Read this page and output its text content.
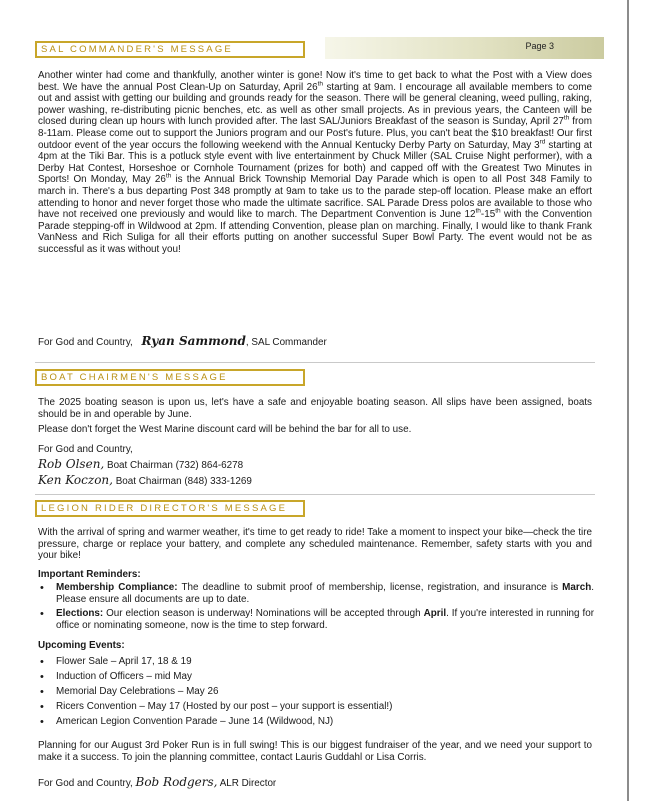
Page 3
SAL COMMANDER'S MESSAGE

Another winter had come and thankfully, another winter is gone! Now it's time to get back to what the Post with a View does best. We have the annual Post Clean-Up on Saturday, April 26th starting at 9am. I encourage all available members to come out and assist with getting our building and grounds ready for the season. There will be general cleaning, weed pulling, raking, power washing, re-distributing picnic benches, etc. as well as other small projects. As in previous years, the Canteen will be closed during clean up hours with lunch provided after. The last SAL/Juniors Breakfast of the season is Sunday, April 27th from 8-11am. Please come out to support the Juniors program and our Post's future. Plus, you can't beat the $10 breakfast! Our first outdoor event of the year occurs the following weekend with the Annual Kentucky Derby Party on Saturday, May 3rd starting at 4pm at the Tiki Bar. This is a potluck style event with live entertainment by Chuck Miller (SAL Cruise Night performer), with a Derby Hat Contest, Horseshoe or Cornhole Tournament (prizes for both) and capped off with the Greatest Two Minutes in Sports! On Monday, May 26th is the Annual Brick Township Memorial Day Parade which is open to all Post 348 Family to march in. There's a bus departing Post 348 promptly at 9am to take us to the parade step-off location. Please make an effort attending to honor and never forget those who made the ultimate sacrifice. SAL Parade Dress polos are available to those who have not received one previously and would like to march. The Department Convention is June 12th-15th with the Convention Parade stepping-off in Wildwood at 2pm. If attending Convention, please plan on marching. Finally, I would like to thank Frank VanNess and Rich Suliga for all their efforts putting on another successful Super Bowl Party. The event would not be as successful as it was without you!

For God and Country, Ryan Sammond, SAL Commander
BOAT CHAIRMEN'S MESSAGE

The 2025 boating season is upon us, let's have a safe and enjoyable boating season. All slips have been assigned, boats should be in and operable by June.

Please don't forget the West Marine discount card will be behind the bar for all to use.

For God and Country,
Rob Olsen, Boat Chairman (732) 864-6278
Ken Koczon, Boat Chairman (848) 333-1269
LEGION RIDER DIRECTOR'S MESSAGE

With the arrival of spring and warmer weather, it's time to get ready to ride! Take a moment to inspect your bike—check the tire pressure, charge or replace your battery, and complete any scheduled maintenance. Remember, safety starts with you and your bike!

Important Reminders:
• Membership Compliance: The deadline to submit proof of membership, license, registration, and insurance is March. Please ensure all documents are up to date.
• Elections: Our election season is underway! Nominations will be accepted through April. If you're interested in running for office or nominating someone, now is the time to step forward.
Upcoming Events:
• Flower Sale – April 17, 18 & 19
• Induction of Officers – mid May
• Memorial Day Celebrations – May 26
• Ricers Convention – May 17 (Hosted by our post – your support is essential!)
• American Legion Convention Parade – June 14 (Wildwood, NJ)

Planning for our August 3rd Poker Run is in full swing! This is our biggest fundraiser of the year, and we need your support to make it a success. To join the planning committee, contact Lauris Guddahl or Lisa Corris.

For God and Country, Bob Rodgers, ALR Director
